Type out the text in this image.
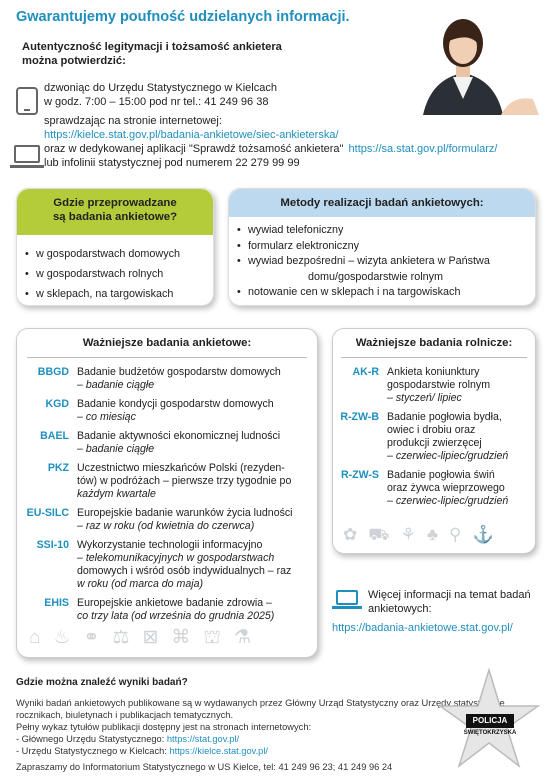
Gwarantujemy poufność udzielanych informacji.
Autentyczność legitymacji i tożsamość ankietera
można potwierdzić:
dzwoniąc do Urzędu Statystycznego w Kielcach
w godz. 7:00 – 15:00 pod nr tel.: 41 249 96 38
sprawdzając na stronie internetowej:
https://kielce.stat.gov.pl/badania-ankietowe/siec-ankieterska/
oraz w dedykowanej aplikacji "Sprawdź tożsamość ankietera" https://sa.stat.gov.pl/formularz/
lub infolinii statystycznej pod numerem 22 279 99 99
Gdzie przeprowadzane
są badania ankietowe?
• w gospodarstwach domowych
• w gospodarstwach rolnych
• w sklepach, na targowiskach
Metody realizacji badań ankietowych:
• wywiad telefoniczny
• formularz elektroniczny
• wywiad bezpośredni – wizyta ankietera w Państwa
domu/gospodarstwie rolnym
• notowanie cen w sklepach i na targowiskach
Ważniejsze badania ankietowe:
BBGD Badanie budżetów gospodarstw domowych
– badanie ciągłe
KGD Badanie kondycji gospodarstw domowych
– co miesiąc
BAEL Badanie aktywności ekonomicznej ludności
– badanie ciągłe
PKZ Uczestnictwo mieszkańców Polski (rezyden-
tów) w podróżach – pierwsze trzy tygodnie po
każdym kwartale
EU-SILC Europejskie badanie warunków życia ludności
– raz w roku (od kwietnia do czerwca)
SSI-10 Wykorzystanie technologii informacyjno
– telekomunikacyjnych w gospodarstwach
domowych i wśród osób indywidualnych – raz
w roku (od marca do maja)
EHIS Europejskie ankietowe badanie zdrowia –
co trzy lata (od września do grudnia 2025)
⌂♨⚭⚖⊠⌘⛫⚗
Ważniejsze badania rolnicze:
AK-R Ankieta koniunktury
gospodarstwie rolnym
– styczeń/ lipiec
R-ZW-B Badanie pogłowia bydła,
owiec i drobiu oraz
produkcji zwierzęcej
– czerwiec-lipiec/grudzień
R-ZW-S Badanie pogłowia świń
oraz żywca wieprzowego
– czerwiec-lipiec/grudzień
✿⛟⚘♣⚲⚓
Więcej informacji na temat badań
ankietowych:
https://badania-ankietowe.stat.gov.pl/
Gdzie można znaleźć wyniki badań?
Wyniki badań ankietowych publikowane są w wydawanych przez Główny Urząd Statystyczny oraz Urzędy statystyczne
rocznikach, biuletynach i publikacjach tematycznych.
Pełny wykaz tytułów publikacji dostępny jest na stronach internetowych:
- Głównego Urzędu Statystycznego: https://stat.gov.pl/
- Urzędu Statystycznego w Kielcach: https://kielce.stat.gov.pl/
Zapraszamy do Informatorium Statystycznego w US Kielce, tel: 41 249 96 23; 41 249 96 24
POLICJA
ŚWIĘTOKRZYSKA
